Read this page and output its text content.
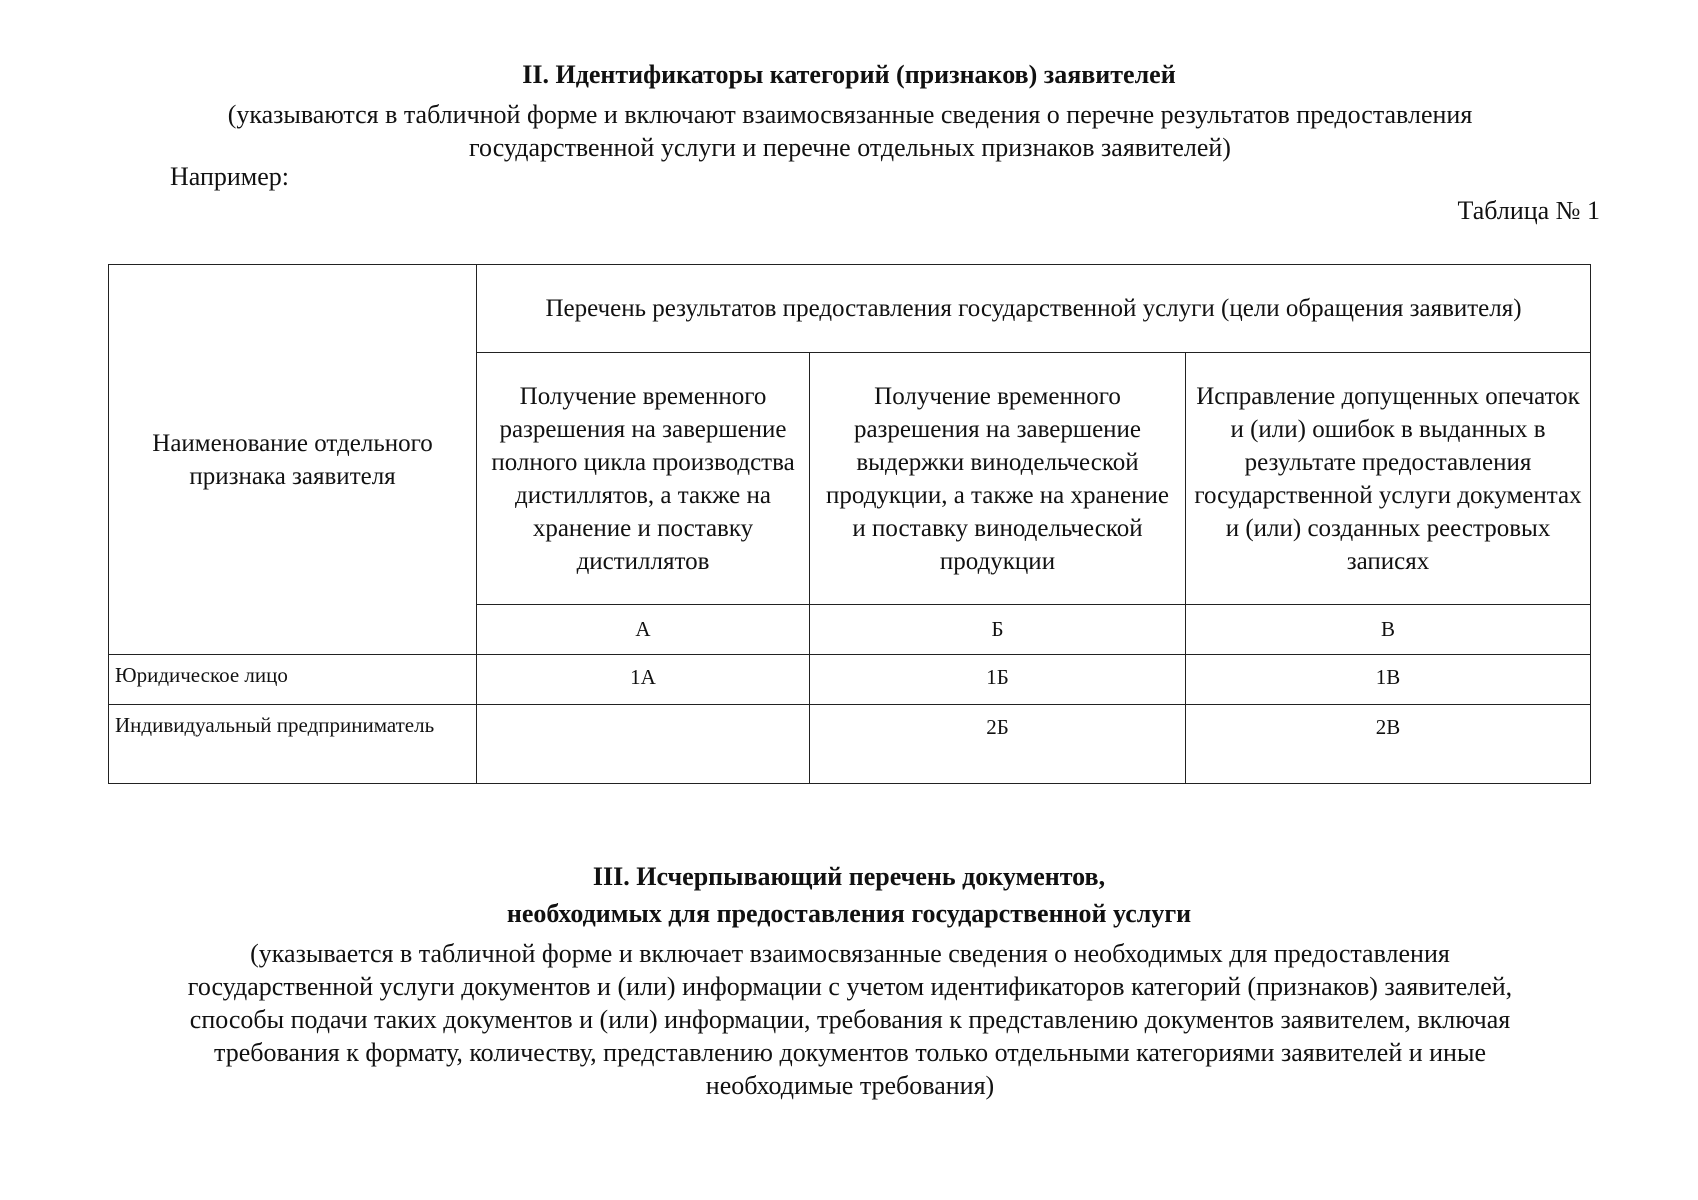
II. Идентификаторы категорий (признаков) заявителей
(указываются в табличной форме и включают взаимосвязанные сведения о перечне результатов предоставления
государственной услуги и перечне отдельных признаков заявителей)
Например:
Таблица № 1
Наименование отдельного признака заявителя	Перечень результатов предоставления государственной услуги (цели обращения заявителя)		
	Получение временного разрешения на завершение полного цикла производства дистиллятов, а также на хранение и поставку дистиллятов	Получение временного разрешения на завершение выдержки винодельческой продукции, а также на хранение и поставку винодельческой продукции	Исправление допущенных опечаток и (или) ошибок в выданных в результате предоставления государственной услуги документах и (или) созданных реестровых записях
	А	Б	В
Юридическое лицо	1А	1Б	1В
Индивидуальный предприниматель		2Б	2В
III. Исчерпывающий перечень документов,
необходимых для предоставления государственной услуги
(указывается в табличной форме и включает взаимосвязанные сведения о необходимых для предоставления
государственной услуги документов и (или) информации с учетом идентификаторов категорий (признаков) заявителей,
способы подачи таких документов и (или) информации, требования к представлению документов заявителем, включая
требования к формату, количеству, представлению документов только отдельными категориями заявителей и иные
необходимые требования)
